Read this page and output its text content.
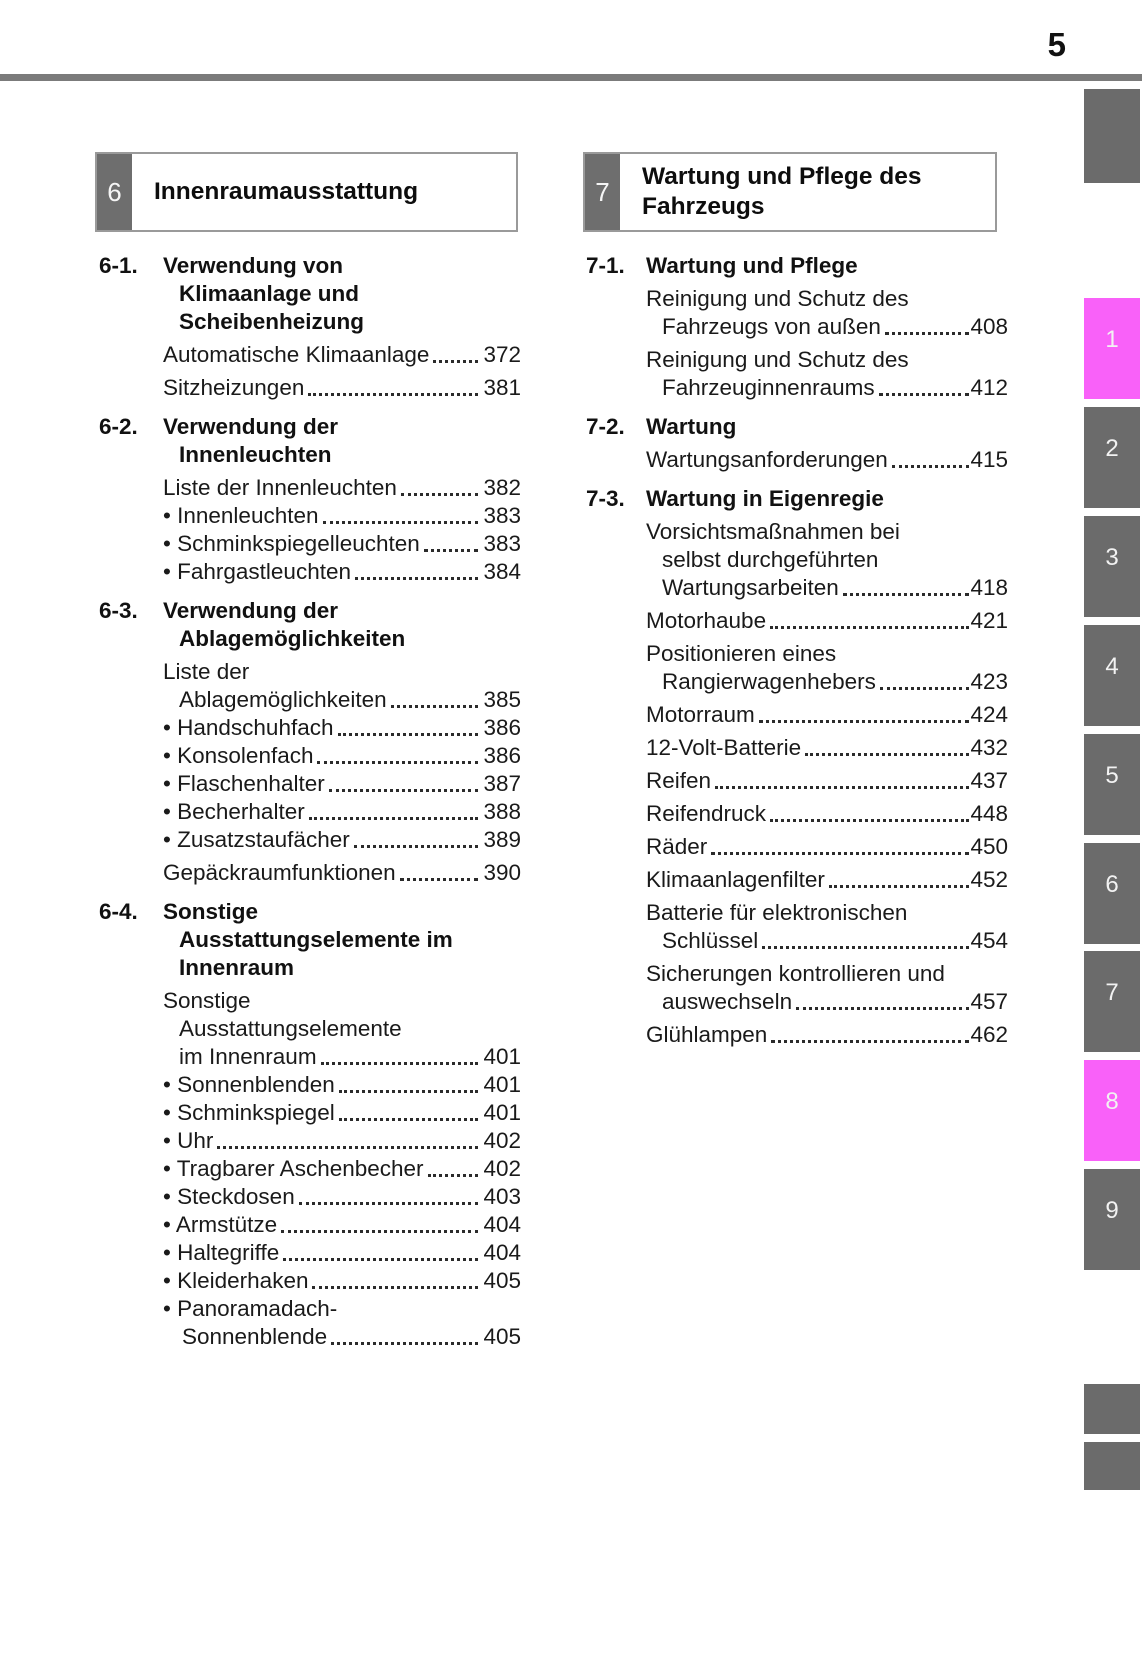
5
1
2
3
4
5
6
7
8
9
6	Innenraumausstattung	7	Wartung und Pflege des
Fahrzeugs
6-1. Verwendung von
Klimaanlage und
Scheibenheizung
Automatische Klimaanlage 372
Sitzheizungen	381
6-2. Verwendung der
Innenleuchten
Liste der Innenleuchten	382
• Innenleuchten	383
• Schminkspiegelleuchten	383
• Fahrgastleuchten	384
6-3. Verwendung der
Ablagemöglichkeiten
Liste der
Ablagemöglichkeiten	385
• Handschuhfach	386
• Konsolenfach	386
• Flaschenhalter	387
• Becherhalter	388
• Zusatzstaufächer	389
Gepäckraumfunktionen	390
6-4. Sonstige
Ausstattungselemente im
Innenraum
Sonstige
Ausstattungselemente
im Innenraum	401
• Sonnenblenden	401
• Schminkspiegel	401
• Uhr	402
• Tragbarer Aschenbecher	402
• Steckdosen	403
• Armstütze	404
• Haltegriffe	404
• Kleiderhaken	405
• Panoramadach-
Sonnenblende	405
7-1. Wartung und Pflege
Reinigung und Schutz des
Fahrzeugs von außen	408
Reinigung und Schutz des
Fahrzeuginnenraums	412
7-2. Wartung
Wartungsanforderungen	415
7-3. Wartung in Eigenregie
Vorsichtsmaßnahmen bei
selbst durchgeführten
Wartungsarbeiten	418
Motorhaube	421
Positionieren eines
Rangierwagenhebers	423
Motorraum	424
12-Volt-Batterie	432
Reifen	437
Reifendruck	448
Räder	450
Klimaanlagenfilter	452
Batterie für elektronischen
Schlüssel	454
Sicherungen kontrollieren und
auswechseln	457
Glühlampen	462
